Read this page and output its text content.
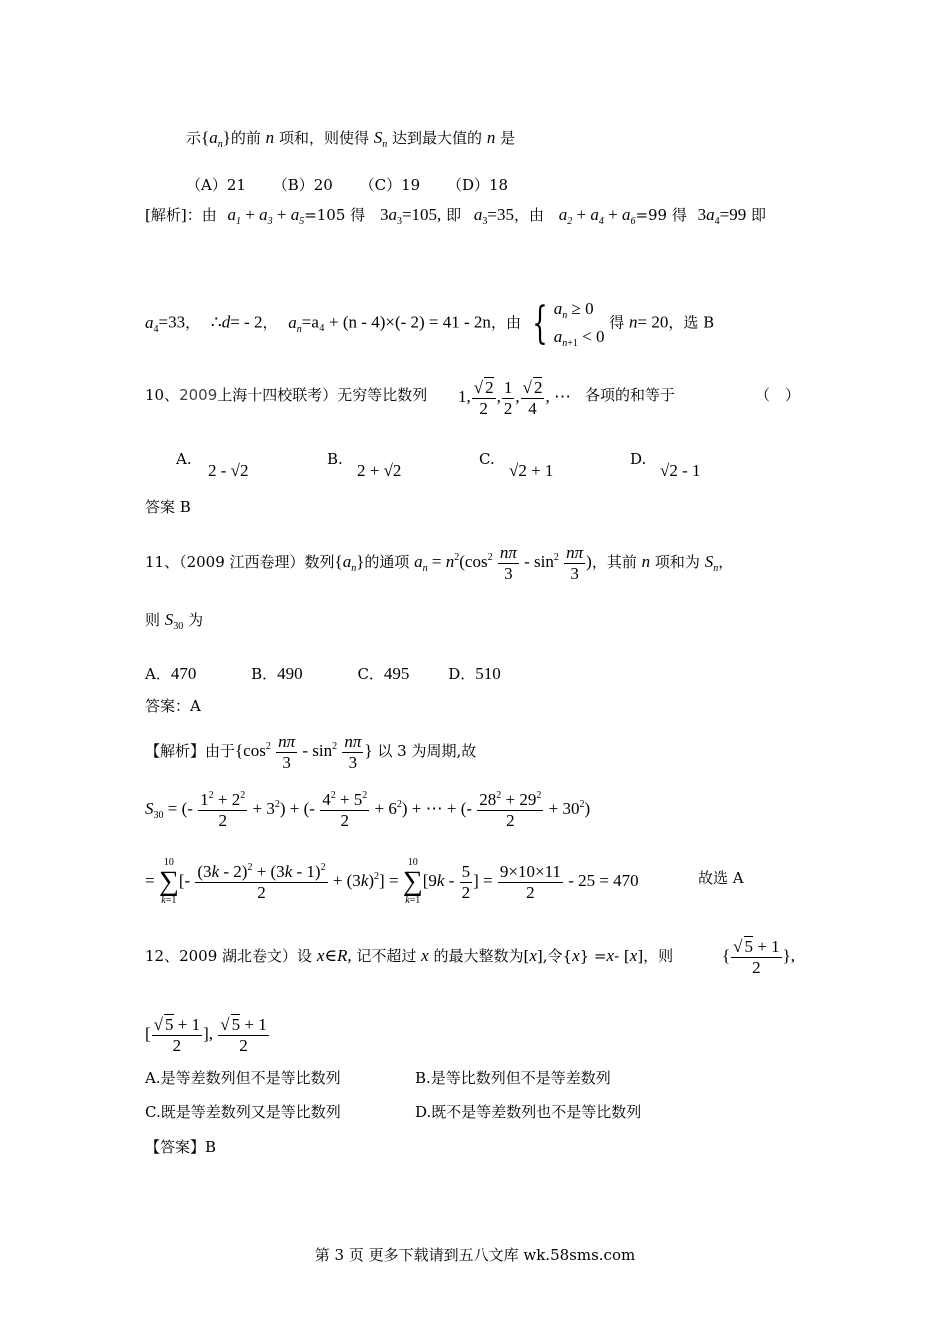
示$\{a_n\}$的前 n 项和，则使得 $S_n$ 达到最大值的 n 是
（A）21 （B）20 （C）19 （D）18
[解析]：由 $a_1 + a_3 + a_5=105$ 得 $3a_3=105$, 即 $a_3=35$，由 $a_2 + a_4 + a_6=99$ 得 $3a_4=99$ 即
$a_4=33$， ∴d= - 2， $a_n=a_4 + (n - 4)\times(-$ 2) = 41 - 2n，由 { $a_n \ge 0$
$a_{n+1} < 0$
得 n= 20，选 B
10、2009上海十四校联考）无穷等比数列 1, $\frac{√ 2}{2}$ , $\frac{1}{2}$ , $\frac{√ 2}{4}$ , ⋯ 各项的和等于	（　）
A.
2 - √2
B.
2 + √2
C.
√2 + 1
D.
√2 - 1
答案 B
11、（2009 江西卷理）数列$\{a_n\}$的通项 $a_n = n^2(\cos^2 \frac{n\pi}{3} - \sin^2 \frac{n\pi}{3}$ )，其前 n 项和为 $S_n$，
则 $S_{30}$ 为
A．470	B．490	C．495	D．510
答案：A
【解析】由于{$\cos^2 \frac{n\pi}{3} - \sin^2 \frac{n\pi}{3}$ } 以 3 为周期,故
$S_{30}$ = (- $\frac{1^2 + 2^2}{2} + 3^2$) + (- $\frac{4^2 + 5^2}{2} + 6^2$) + ⋯ + (- $\frac{28^2 + 29^2}{2} + 30^2$)
=
10
∑
k=1
[- $\frac{(3k - 2)^2 + (3k - 1)^2}{2} + (3k)^2$] =
10
∑
k=1
[$9k - \frac{5}{2}$ ] = $\frac{9\times 10\times 11}{2} - 25 = 470$	故选 A
12、2009 湖北卷文）设 x∈R, 记不超过 x 的最大整数为[x],令{x} =x- [x]，则	{ $\frac{√ 5 + 1}{2}$ },
[ $\frac{√ 5 + 1}{2}$ ], $\frac{√ 5 + 1}{2}$
A.是等差数列但不是等比数列	B.是等比数列但不是等差数列
C.既是等差数列又是等比数列	D.既不是等差数列也不是等比数列
【答案】B
第 3 页 更多下载请到五八文库 wk.58sms.com
